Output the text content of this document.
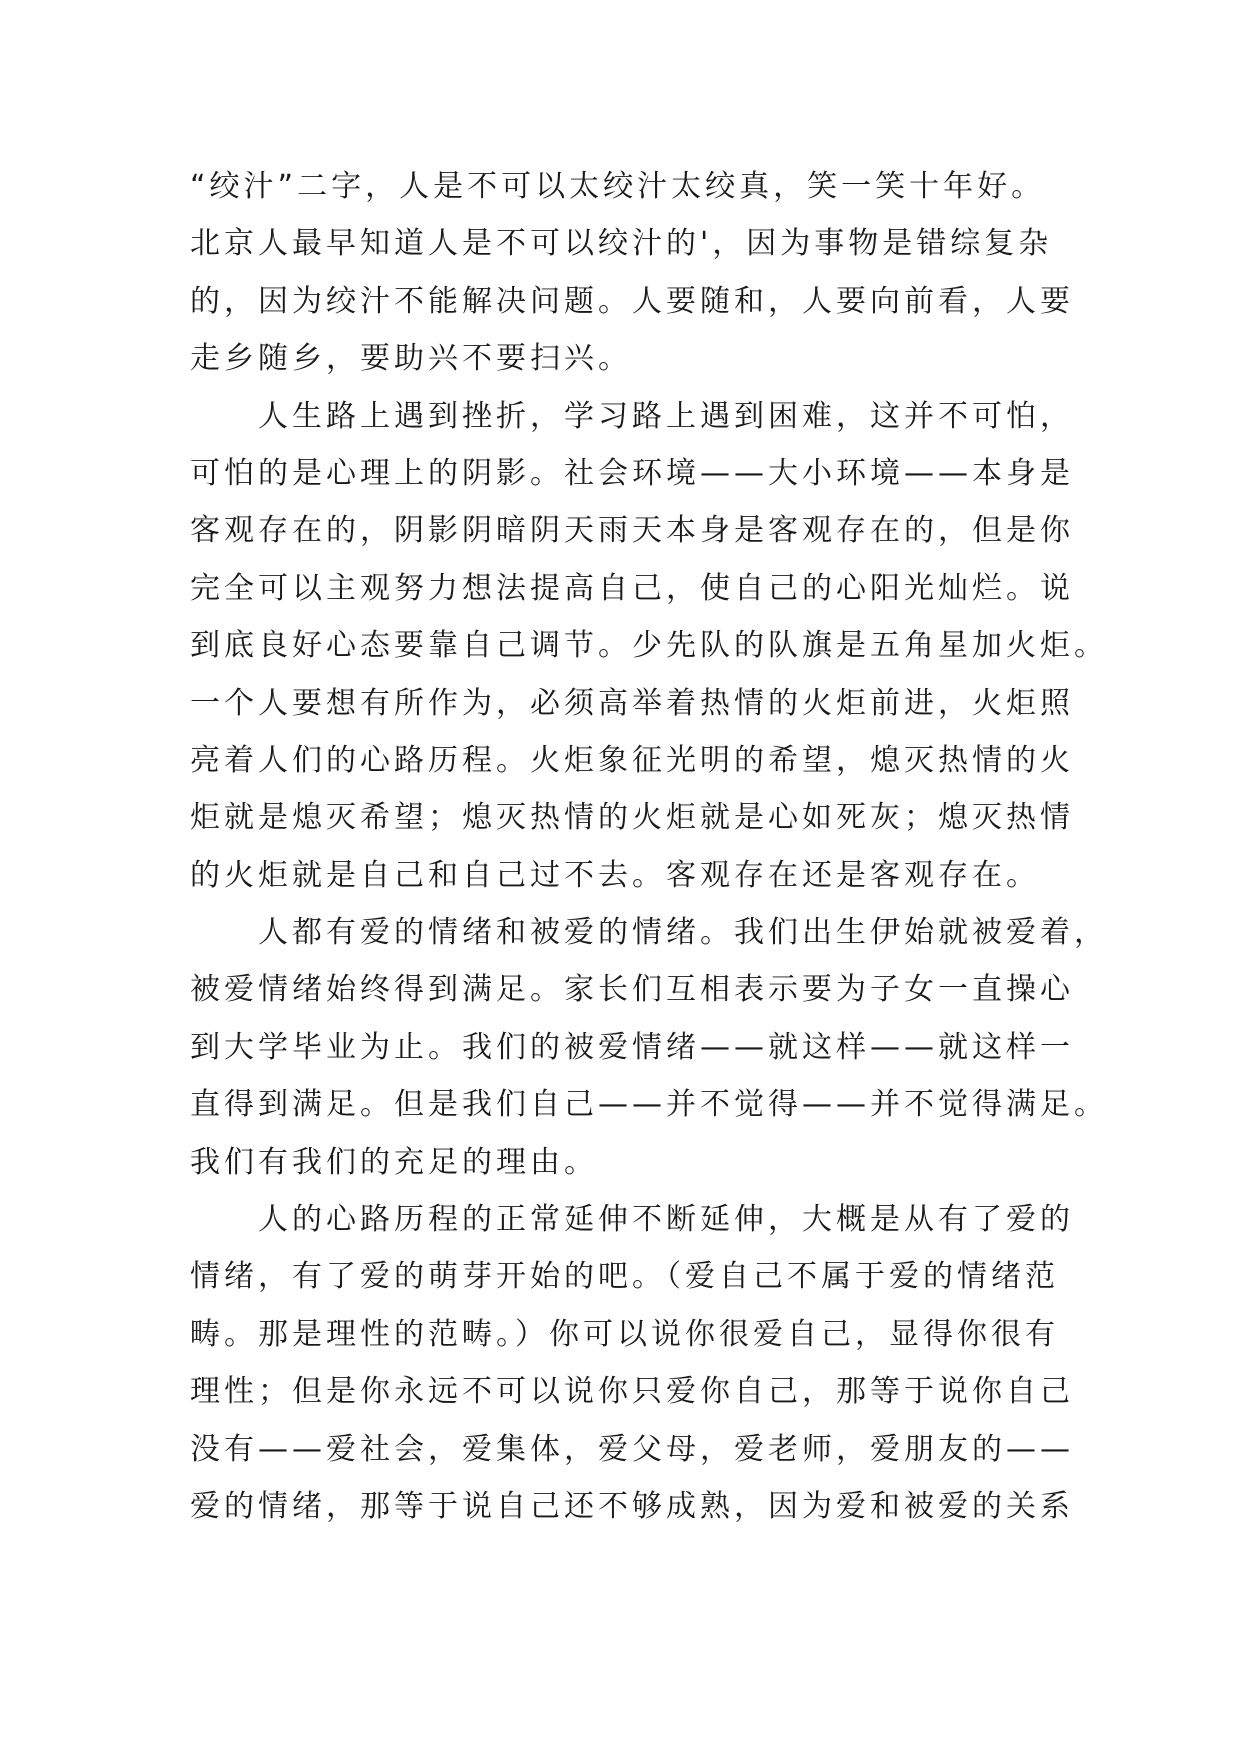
“绞汁”二字，人是不可以太绞汁太绞真，笑一笑十年好。
北京人最早知道人是不可以绞汁的'，因为事物是错综复杂
的，因为绞汁不能解决问题。人要随和，人要向前看，人要
走乡随乡，要助兴不要扫兴。
人生路上遇到挫折，学习路上遇到困难，这并不可怕，
可怕的是心理上的阴影。社会环境——大小环境——本身是
客观存在的，阴影阴暗阴天雨天本身是客观存在的，但是你
完全可以主观努力想法提高自己，使自己的心阳光灿烂。说
到底良好心态要靠自己调节。少先队的队旗是五角星加火炬。
一个人要想有所作为，必须高举着热情的火炬前进，火炬照
亮着人们的心路历程。火炬象征光明的希望，熄灭热情的火
炬就是熄灭希望；熄灭热情的火炬就是心如死灰；熄灭热情
的火炬就是自己和自己过不去。客观存在还是客观存在。
人都有爱的情绪和被爱的情绪。我们出生伊始就被爱着，
被爱情绪始终得到满足。家长们互相表示要为子女一直操心
到大学毕业为止。我们的被爱情绪——就这样——就这样一
直得到满足。但是我们自己——并不觉得——并不觉得满足。
我们有我们的充足的理由。
人的心路历程的正常延伸不断延伸，大概是从有了爱的
情绪，有了爱的萌芽开始的吧。（爱自己不属于爱的情绪范
畴。那是理性的范畴。）你可以说你很爱自己，显得你很有
理性；但是你永远不可以说你只爱你自己，那等于说你自己
没有——爱社会，爱集体，爱父母，爱老师，爱朋友的——
爱的情绪，那等于说自己还不够成熟，因为爱和被爱的关系
